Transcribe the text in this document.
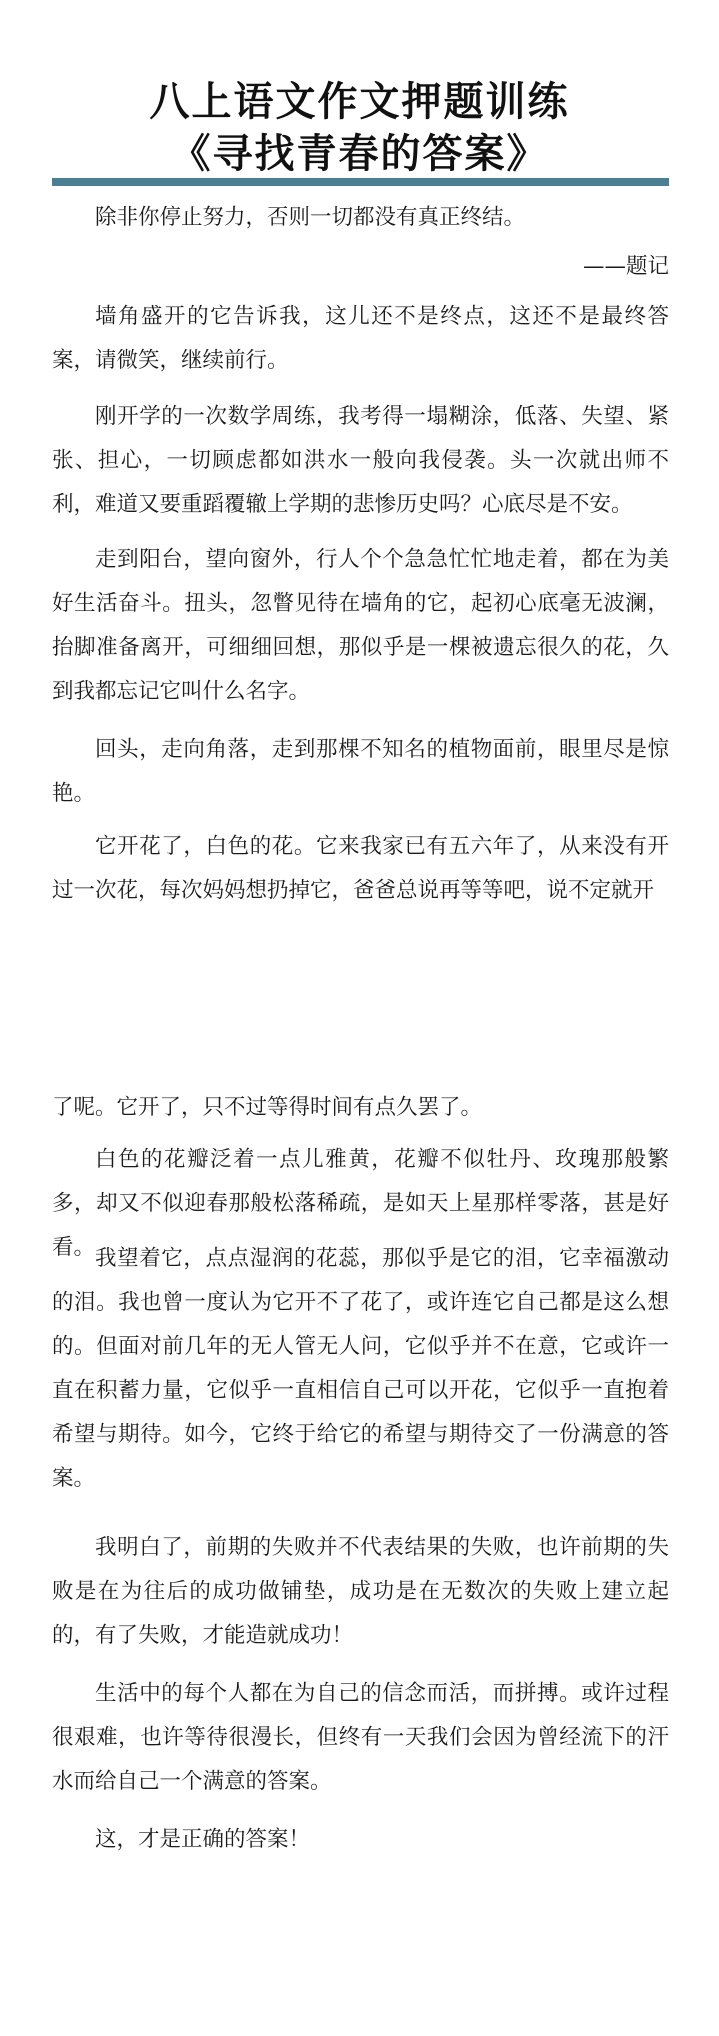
八上语文作文押题训练
《寻找青春的答案》

除非你停止努力，否则一切都没有真正终结。

——题记

墙角盛开的它告诉我，这儿还不是终点，这还不是最终答案，请微笑，继续前行。

刚开学的一次数学周练，我考得一塌糊涂，低落、失望、紧张、担心，一切顾虑都如洪水一般向我侵袭。头一次就出师不利，难道又要重蹈覆辙上学期的悲惨历史吗？心底尽是不安。

走到阳台，望向窗外，行人个个急急忙忙地走着，都在为美好生活奋斗。扭头，忽瞥见待在墙角的它，起初心底毫无波澜，抬脚准备离开，可细细回想，那似乎是一棵被遗忘很久的花，久到我都忘记它叫什么名字。

回头，走向角落，走到那棵不知名的植物面前，眼里尽是惊艳。

它开花了，白色的花。它来我家已有五六年了，从来没有开过一次花，每次妈妈想扔掉它，爸爸总说再等等吧，说不定就开

了呢。它开了，只不过等得时间有点久罢了。

白色的花瓣泛着一点儿雅黄，花瓣不似牡丹、玫瑰那般繁多，却又不似迎春那般松落稀疏，是如天上星那样零落，甚是好看。 我望着它，点点湿润的花蕊，那似乎是它的泪，它幸福激动的泪。我也曾一度认为它开不了花了，或许连它自己都是这么想的。但面对前几年的无人管无人问，它似乎并不在意，它或许一直在积蓄力量，它似乎一直相信自己可以开花，它似乎一直抱着希望与期待。如今，它终于给它的希望与期待交了一份满意的答案。

我明白了，前期的失败并不代表结果的失败，也许前期的失败是在为往后的成功做铺垫，成功是在无数次的失败上建立起的，有了失败，才能造就成功！

生活中的每个人都在为自己的信念而活，而拼搏。或许过程很艰难，也许等待很漫长，但终有一天我们会因为曾经流下的汗水而给自己一个满意的答案。

这，才是正确的答案！
